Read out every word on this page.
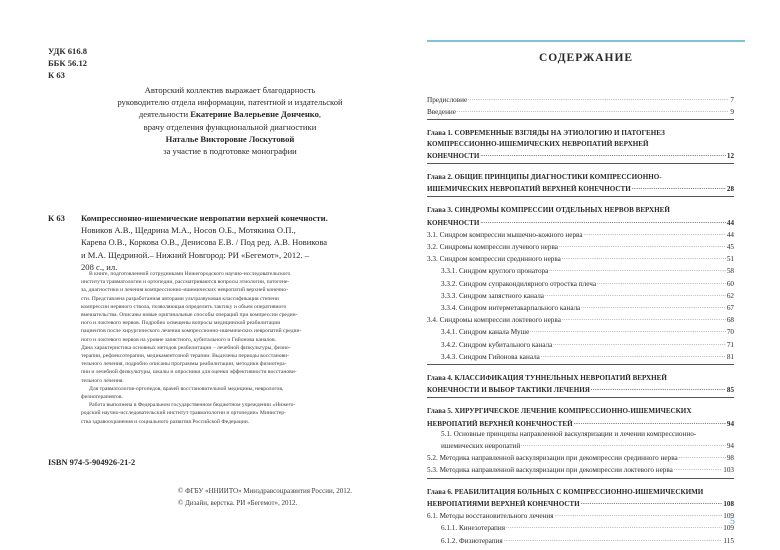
УДК 616.8
ББК 56.12
К 63
Авторский коллектив выражает благодарность
руководителю отдела информации, патентной и издательской
деятельности Екатерине Валерьевне Донченко,
врачу отделения функциональной диагностики
Наталье Викторовне Лоскутовой
за участие в подготовке монографии
К 63 Компрессионно-ишемические невропатии верхней конечности.
Новиков А.В., Щедрина М.А., Носов О.Б., Мотякина О.П.,
Карева О.В., Коркова О.В., Денисова Е.В. / Под ред. А.В. Новикова
и М.А. Щедриной.– Нижний Новгород: РИ «Бегемот», 2012. –
208 с., ил.
В книге, подготовленной сотрудниками Нижегородского научно-исследовательского
института травматологии и ортопедии, рассматриваются вопросы этиологии, патогене-
за, диагностики и лечения компрессионно-ишемических невропатий верхней конечно-
сти. Представлена разработанная авторами ультразвуковая классификация степени
компрессии нервного ствола, позволяющая определить тактику и объем оперативного
вмешательства. Описаны новые оригинальные способы операций при компрессии средин-
ного и локтевого нервов. Подробно освещены вопросы медицинской реабилитации
пациентов после хирургического лечения компрессионно-ишемических невропатий средин-
ного и локтевого нервов на уровне запястного, кубитального и Гийонова каналов.
Дана характеристика основных методов реабилитации – лечебной физкультуры, физио-
терапии, рефлексотерапии, медикаментозной терапии. Выделены периоды восстанови-
тельного лечения, подробно описаны программы реабилитации, методики физиотера-
пии и лечебной физкультуры, шкалы и опросники для оценки эффективности восстанови-
тельного лечения.
Для травматологов-ортопедов, врачей восстановительной медицины, неврологов,
физиотерапевтов.
Работа выполнена в Федеральном государственном бюджетном учреждении «Нижего-
родский научно-исследовательский институт травматологии и ортопедии» Министер-
ства здравоохранения и социального развития Российской Федерации.
ISBN 974-5-904926-21-2
© ФГБУ «ННИИТО» Минздравсоцразвития России, 2012.
© Дизайн, верстка. РИ «Бегемот», 2012.
СОДЕРЖАНИЕ
Предисловие .....	7
Введение .....	9
Глава 1. СОВРЕМЕННЫЕ ВЗГЛЯДЫ НА ЭТИОЛОГИЮ И ПАТОГЕНЕЗ
КОМПРЕССИОННО-ИШЕМИЧЕСКИХ НЕВРОПАТИЙ ВЕРХНЕЙ
КОНЕЧНОСТИ .....	12
Глава 2. ОБЩИЕ ПРИНЦИПЫ ДИАГНОСТИКИ КОМПРЕССИОННО-
ИШЕМИЧЕСКИХ НЕВРОПАТИЙ ВЕРХНЕЙ КОНЕЧНОСТИ .....	28
Глава 3. СИНДРОМЫ КОМПРЕССИИ ОТДЕЛЬНЫХ НЕРВОВ ВЕРХНЕЙ
КОНЕЧНОСТИ .....	44
3.1. Синдром компрессии мышечно-кожного нерва .....	44
3.2. Синдромы компрессии лучевого нерва .....	45
3.3. Синдром компрессии срединного нерва .....	51
3.3.1. Синдром круглого пронатора .....	58
3.3.2. Синдром супракондилярного отростка плеча .....	60
3.3.3. Синдром запястного канала .....	62
3.3.4. Синдром интерметакарпального канала .....	67
3.4. Синдромы компрессии локтевого нерва .....	68
3.4.1. Синдром канала Муше .....	70
3.4.2. Синдром кубитального канала .....	71
3.4.3. Синдром Гийонова канала .....	81
Глава 4. КЛАССИФИКАЦИЯ ТУННЕЛЬНЫХ НЕВРОПАТИЙ ВЕРХНЕЙ
КОНЕЧНОСТИ И ВЫБОР ТАКТИКИ ЛЕЧЕНИЯ .....	85
Глава 5. ХИРУРГИЧЕСКОЕ ЛЕЧЕНИЕ КОМПРЕССИОННО-ИШЕМИЧЕСКИХ
НЕВРОПАТИЙ ВЕРХНЕЙ КОНЕЧНОСТЕЙ .....	94
5.1. Основные принципы направленной васкуляризации и лечении компрессионно-
ишемических невропатий .....	94
5.2. Методика направленной васкуляризации при декомпрессии срединного нерва .....	98
5.3. Методика направленной васкуляризации при декомпрессии локтевого нерва .....	103
Глава 6. РЕАБИЛИТАЦИЯ БОЛЬНЫХ С КОМПРЕССИОННО-ИШЕМИЧЕСКИМИ
НЕВРОПАТИЯМИ ВЕРХНЕЙ КОНЕЧНОСТИ .....	108
6.1. Методы восстановительного лечения .....	109
6.1.1. Кинезотерапия .....	109
6.1.2. Физиотерапия .....	115
5
